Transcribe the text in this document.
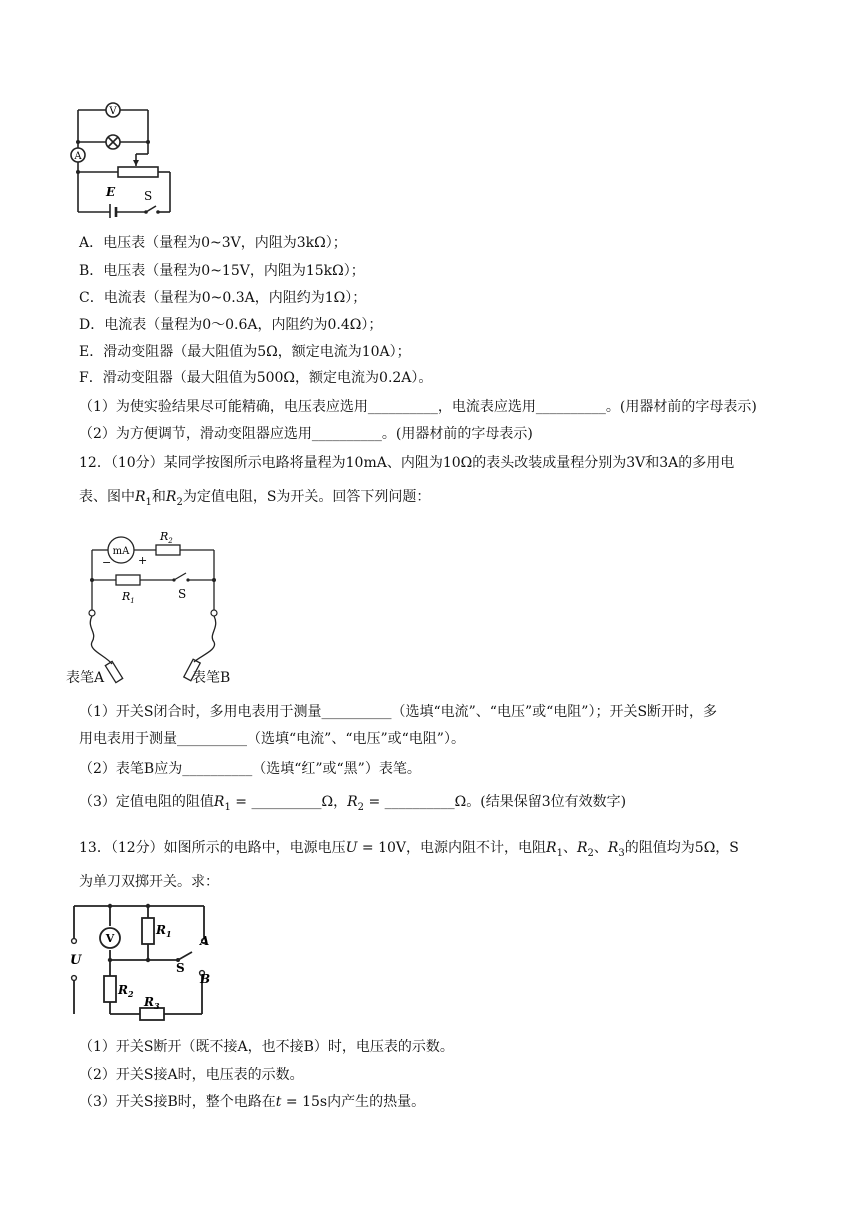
V
A
E S
A．电压表（量程为0~3V，内阻为3kΩ）；
B．电压表（量程为0~15V，内阻为15kΩ）；
C．电流表（量程为0~0.3A，内阻约为1Ω）；
D．电流表（量程为0～0.6A，内阻约为0.4Ω）；
E．滑动变阻器（最大阻值为5Ω，额定电流为10A）；
F．滑动变阻器（最大阻值为500Ω，额定电流为0.2A）。
（1）为使实验结果尽可能精确，电压表应选用__________，电流表应选用__________。(用器材前的字母表示)
（2）为方便调节，滑动变阻器应选用__________。(用器材前的字母表示)
12．（10分）某同学按图所示电路将量程为10mA、内阻为10Ω的表头改装成量程分别为3V和3A的多用电
表、图中$R_1$和$R_2$为定值电阻，S为开关。回答下列问题：
mA
− +
$R_2$
$R_1$	S
表笔A	表笔B
（1）开关S闭合时，多用电表用于测量__________（选填“电流”、“电压”或“电阻”）；开关S断开时，多
用电表用于测量__________（选填“电流”、“电压”或“电阻”）。
（2）表笔B应为__________（选填“红”或“黑”）表笔。
（3）定值电阻的阻值$R_1$ = __________Ω，$R_2$ = __________Ω。(结果保留3位有效数字)
13．（12分）如图所示的电路中，电源电压U = 10V，电源内阻不计，电阻$R_1$、$R_2$、$R_3$的阻值均为5Ω，S
为单刀双掷开关。求：
V
$R_1$
$R_2$
$R_3$
A
S
B
U
（1）开关S断开（既不接A，也不接B）时，电压表的示数。
（2）开关S接A时，电压表的示数。
（3）开关S接B时，整个电路在t = 15s内产生的热量。
